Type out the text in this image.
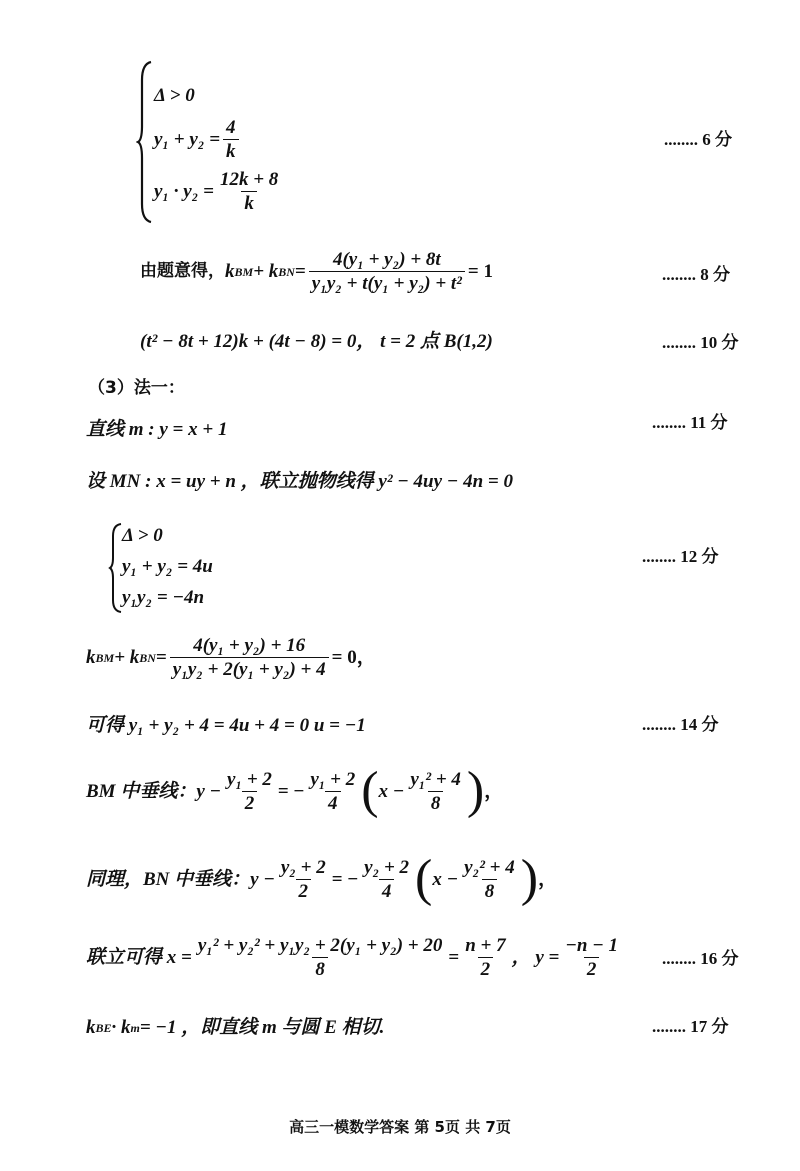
Δ > 0
$y_1 + y_2 = \frac{4}{k}$
$y_1 \cdot y_2 = \frac{12k + 8}{k}$
........ 6 分
由题意得， k BM + k BN = $\frac{\text{4(y₁ + y₂) + 8t}}{\text{y₁y₂ + t(y₁ + y₂) + t²}} = 1$	........ 8 分
(t² − 8t + 12)k + (4t − 8) = 0， t = 2 点 B(1,2)	........ 10 分
（3）法一：
直线 m : y = x + 1	........ 11 分
设 MN : x = uy + n ，联立抛物线得 y² − 4uy − 4n = 0
Δ > 0
y₁ + y₂ = 4u
y₁y₂ = −4n
........ 12 分
k BM + k BN = $\frac{\text{4(y₁ + y₂) + 16}}{\text{y₁y₂ + 2(y₁ + y₂) + 4}} = 0$，
可得 y₁ + y₂ + 4 = 4u + 4 = 0 u = −1	........ 14 分
BM 中垂线： $y - \frac{\text{y₁ + 2}}{2}$ = − $\frac{\text{y₁ + 2}}{4}$ ( $x - \frac{\text{y₁² + 4}}{8}$ ) ，
同理，BN 中垂线： $y - \frac{\text{y₂ + 2}}{2}$ = − $\frac{\text{y₂ + 2}}{4}$ ( $x - \frac{\text{y₂² + 4}}{8}$ ) ，
联立可得 $x = \frac{\text{y₁² + y₂² + y₁y₂ + 2(y₁ + y₂) + 20}}{8} = \frac{n + 7}{2}$ ， $y = \frac{-n - 1}{2}$ ........ 16 分
k BE · k m = −1 ，即直线 m 与圆 E 相切.	........ 17 分
高三一模数学答案 第 5页 共 7页
